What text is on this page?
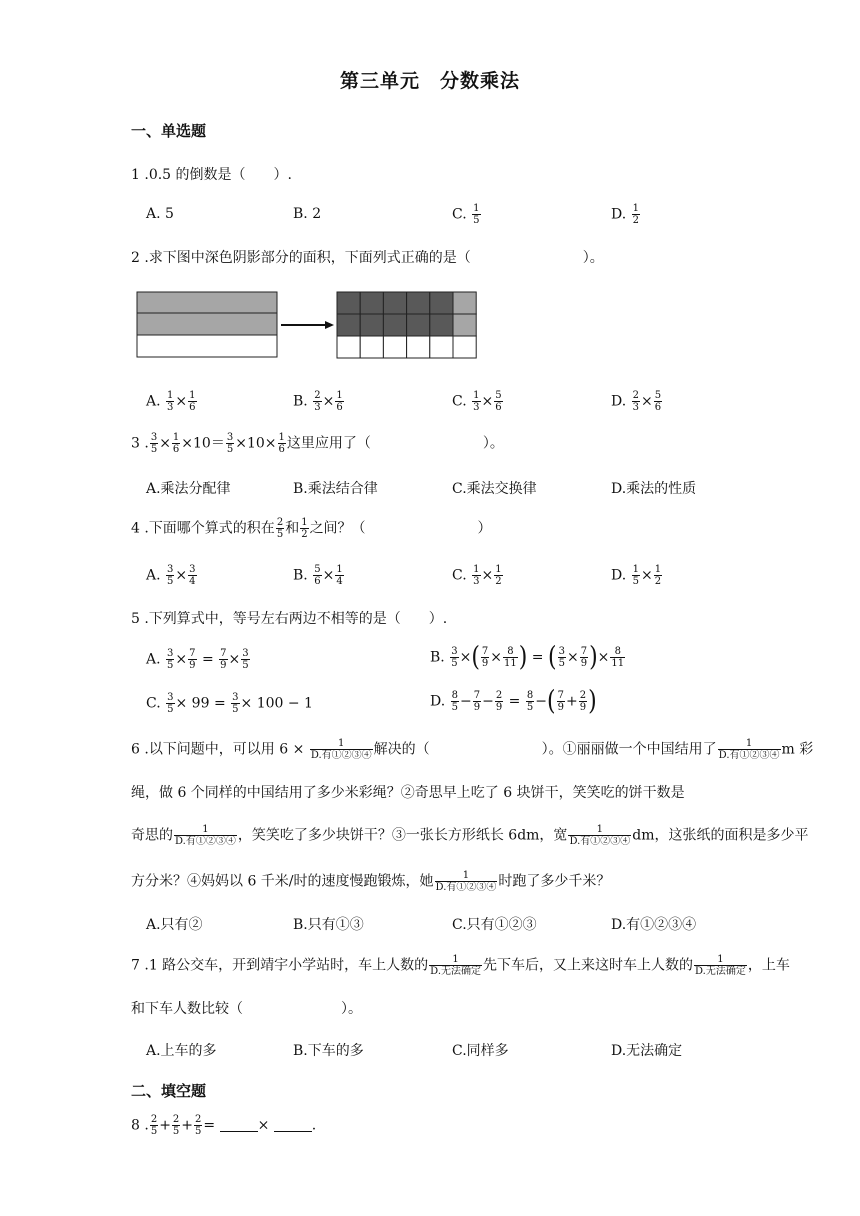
第三单元　分数乘法
一、单选题
1 .0.5 的倒数是（　　）.
A. 5	B. 2	C. $\frac{1}{5}$	D. $\frac{1}{2}$
2 .求下图中深色阴影部分的面积，下面列式正确的是（　　　　　　　　）。
A. $\frac{1}{3} \times \frac{1}{6}$	B. $\frac{2}{3} \times \frac{1}{6}$	C. $\frac{1}{3} \times \frac{5}{6}$	D. $\frac{2}{3} \times \frac{5}{6}$
3 . $\frac{3}{5} \times \frac{1}{6} \times 10= \frac{3}{5} \times 10\times \frac{1}{6}$ 这里应用了（　　　　　　　　）。
A.乘法分配律	B.乘法结合律	C.乘法交换律	D.乘法的性质
4 .下面哪个算式的积在 $\frac{2}{5}$ 和 $\frac{1}{2}$ 之间？（　　　　　　　　）
A. $\frac{3}{5} \times \frac{3}{4}$	B. $\frac{5}{6} \times \frac{1}{4}$	C. $\frac{1}{3} \times \frac{1}{2}$	D. $\frac{1}{5} \times \frac{1}{2}$
5 .下列算式中，等号左右两边不相等的是（　　）.
A. $\frac{3}{5} \times \frac{7}{9} = \frac{7}{9} \times \frac{3}{5}$	B. $\frac{3}{5}$ ×( $\frac{7}{9} \times \frac{8}{11}$ ) = ( $\frac{3}{5} \times \frac{7}{9}$ )× $\frac{8}{11}$
C. $\frac{3}{5} \times 99 = \frac{3}{5} \times 100 - 1$	D. $\frac{8}{5} - \frac{7}{9} - \frac{2}{9} = \frac{8}{5}$ −( $\frac{7}{9} + \frac{2}{9}$ )
6 .以下问题中，可以用 $6 \times \frac{1}{\text{D.有①②③④}}$ 解决的（　　　　　　　　）。①丽丽做一个中国结用了 $\frac{1}{\text{D.有①②③④}}$ m 彩
绳，做 6 个同样的中国结用了多少米彩绳？②奇思早上吃了 6 块饼干，笑笑吃的饼干数是
奇思的 $\frac{1}{\text{D.有①②③④}}$ ，笑笑吃了多少块饼干？③一张长方形纸长 6dm，宽 $\frac{1}{\text{D.有①②③④}}$ dm，这张纸的面积是多少平
方分米？④妈妈以 6 千米/时的速度慢跑锻炼，她 $\frac{1}{\text{D.有①②③④}}$ 时跑了多少千米？
A.只有②	B.只有①③	C.只有①②③	D.有①②③④
7 .1 路公交车，开到靖宇小学站时，车上人数的 $\frac{1}{\text{D.无法确定}}$ 先下车后，又上来这时车上人数的 $\frac{1}{\text{D.无法确定}}$ ，上车
和下车人数比较（　　　　　　　）。
A.上车的多	B.下车的多	C.同样多	D.无法确定
二、填空题
8 . $\frac{2}{5} + \frac{2}{5} + \frac{2}{5}$ =	×	.
